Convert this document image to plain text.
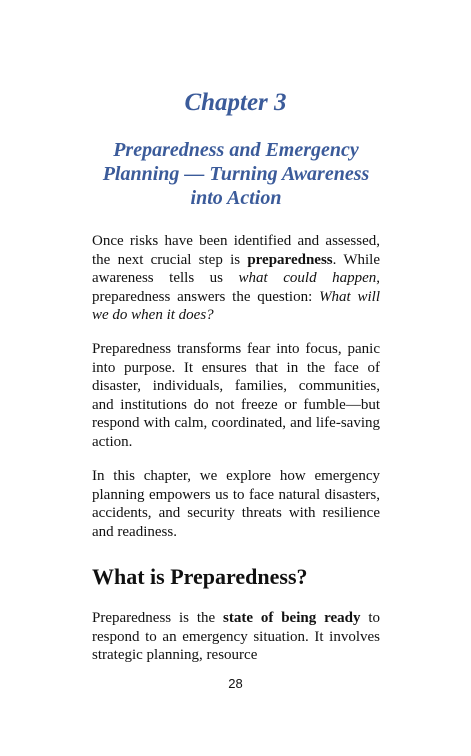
Chapter 3
Preparedness and Emergency
Planning — Turning Awareness
into Action

Once risks have been identified and assessed, the next crucial step is preparedness. While awareness tells us what could happen, preparedness answers the question: What will we do when it does?

Preparedness transforms fear into focus, panic into purpose. It ensures that in the face of disaster, individuals, families, communities, and institutions do not freeze or fumble—but respond with calm, coordinated, and life-saving action.

In this chapter, we explore how emergency planning empowers us to face natural disasters, accidents, and security threats with resilience and readiness.

What is Preparedness?

Preparedness is the state of being ready to respond to an emergency situation. It involves strategic planning, resource

28
